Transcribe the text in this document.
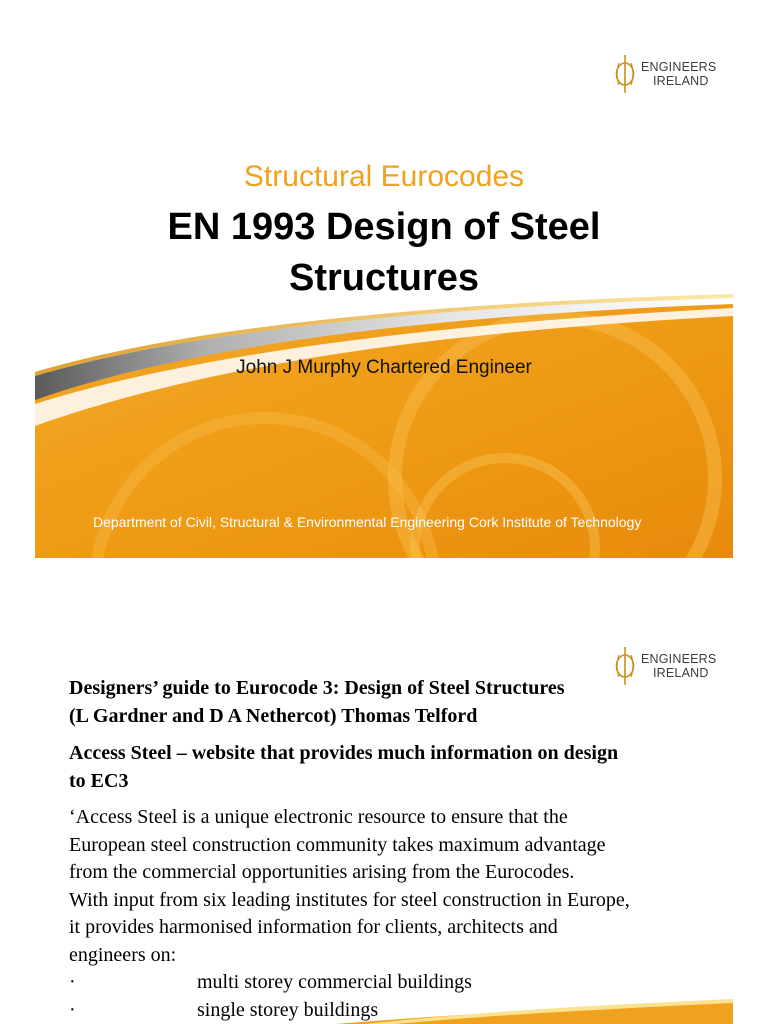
ENGINEERS
IRELAND
Structural Eurocodes
EN 1993 Design of Steel
Structures
John J Murphy Chartered Engineer
Department of Civil, Structural & Environmental Engineering Cork Institute of Technology
ENGINEERS
IRELAND

Designers’ guide to Eurocode 3: Design of Steel Structures
(L Gardner and D A Nethercot) Thomas Telford

Access Steel – website that provides much information on design
to EC3

‘Access Steel is a unique electronic resource to ensure that the
European steel construction community takes maximum advantage
from the commercial opportunities arising from the Eurocodes.
With input from six leading institutes for steel construction in Europe,
it provides harmonised information for clients, architects and
engineers on:

·	multi storey commercial buildings
·	single storey buildings
